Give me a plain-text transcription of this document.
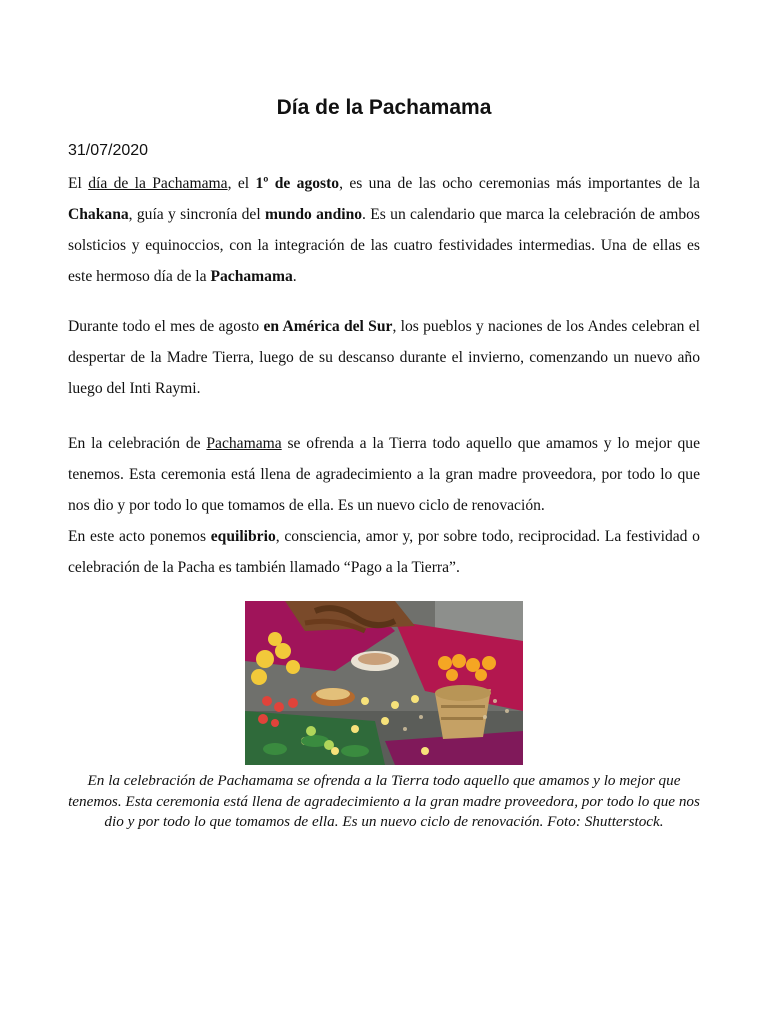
Día de la Pachamama
31/07/2020

El día de la Pachamama, el 1º de agosto, es una de las ocho ceremonias más importantes de la Chakana, guía y sincronía del mundo andino. Es un calendario que marca la celebración de ambos solsticios y equinoccios, con la integración de las cuatro festividades intermedias. Una de ellas es este hermoso día de la Pachamama.

Durante todo el mes de agosto en América del Sur, los pueblos y naciones de los Andes celebran el despertar de la Madre Tierra, luego de su descanso durante el invierno, comenzando un nuevo año luego del Inti Raymi.

En la celebración de Pachamama se ofrenda a la Tierra todo aquello que amamos y lo mejor que tenemos. Esta ceremonia está llena de agradecimiento a la gran madre proveedora, por todo lo que nos dio y por todo lo que tomamos de ella. Es un nuevo ciclo de renovación.

En este acto ponemos equilibrio, consciencia, amor y, por sobre todo, reciprocidad. La festividad o celebración de la Pacha es también llamado “Pago a la Tierra”.

En la celebración de Pachamama se ofrenda a la Tierra todo aquello que amamos y lo mejor que tenemos. Esta ceremonia está llena de agradecimiento a la gran madre proveedora, por todo lo que nos dio y por todo lo que tomamos de ella. Es un nuevo ciclo de renovación. Foto: Shutterstock.
